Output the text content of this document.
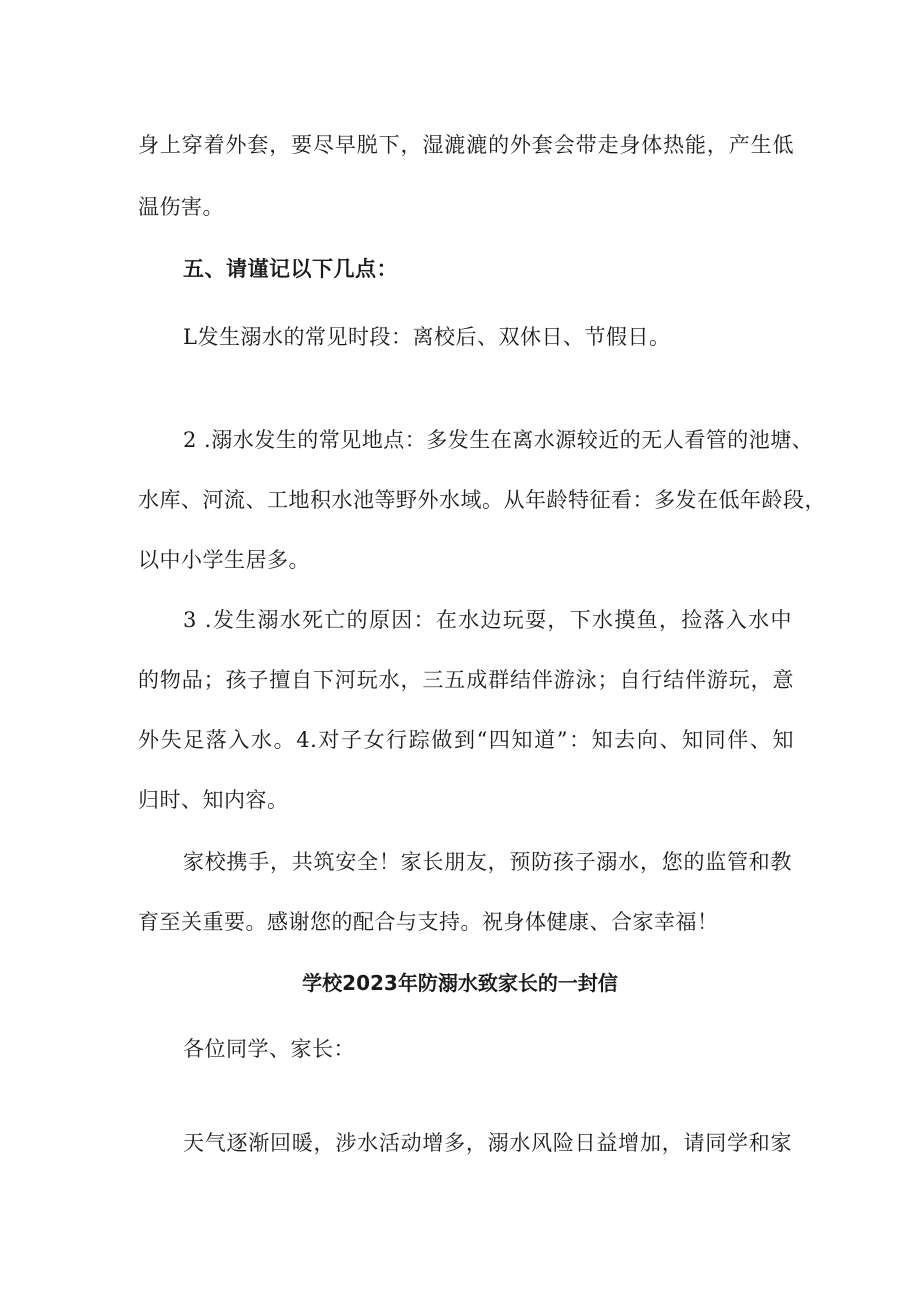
身上穿着外套，要尽早脱下，湿漉漉的外套会带走身体热能，产生低
温伤害。
五、请谨记以下几点：
L发生溺水的常见时段：离校后、双休日、节假日。
2 .溺水发生的常见地点：多发生在离水源较近的无人看管的池塘、
水库、河流、工地积水池等野外水域。从年龄特征看：多发在低年龄段，
以中小学生居多。
3 .发生溺水死亡的原因：在水边玩耍，下水摸鱼，捡落入水中
的物品；孩子擅自下河玩水，三五成群结伴游泳；自行结伴游玩，意
外失足落入水。4.对子女行踪做到“四知道”：知去向、知同伴、知
归时、知内容。
家校携手，共筑安全！家长朋友，预防孩子溺水，您的监管和教
育至关重要。感谢您的配合与支持。祝身体健康、合家幸福！
学校2023年防溺水致家长的一封信
各位同学、家长：
天气逐渐回暖，涉水活动增多，溺水风险日益增加，请同学和家
